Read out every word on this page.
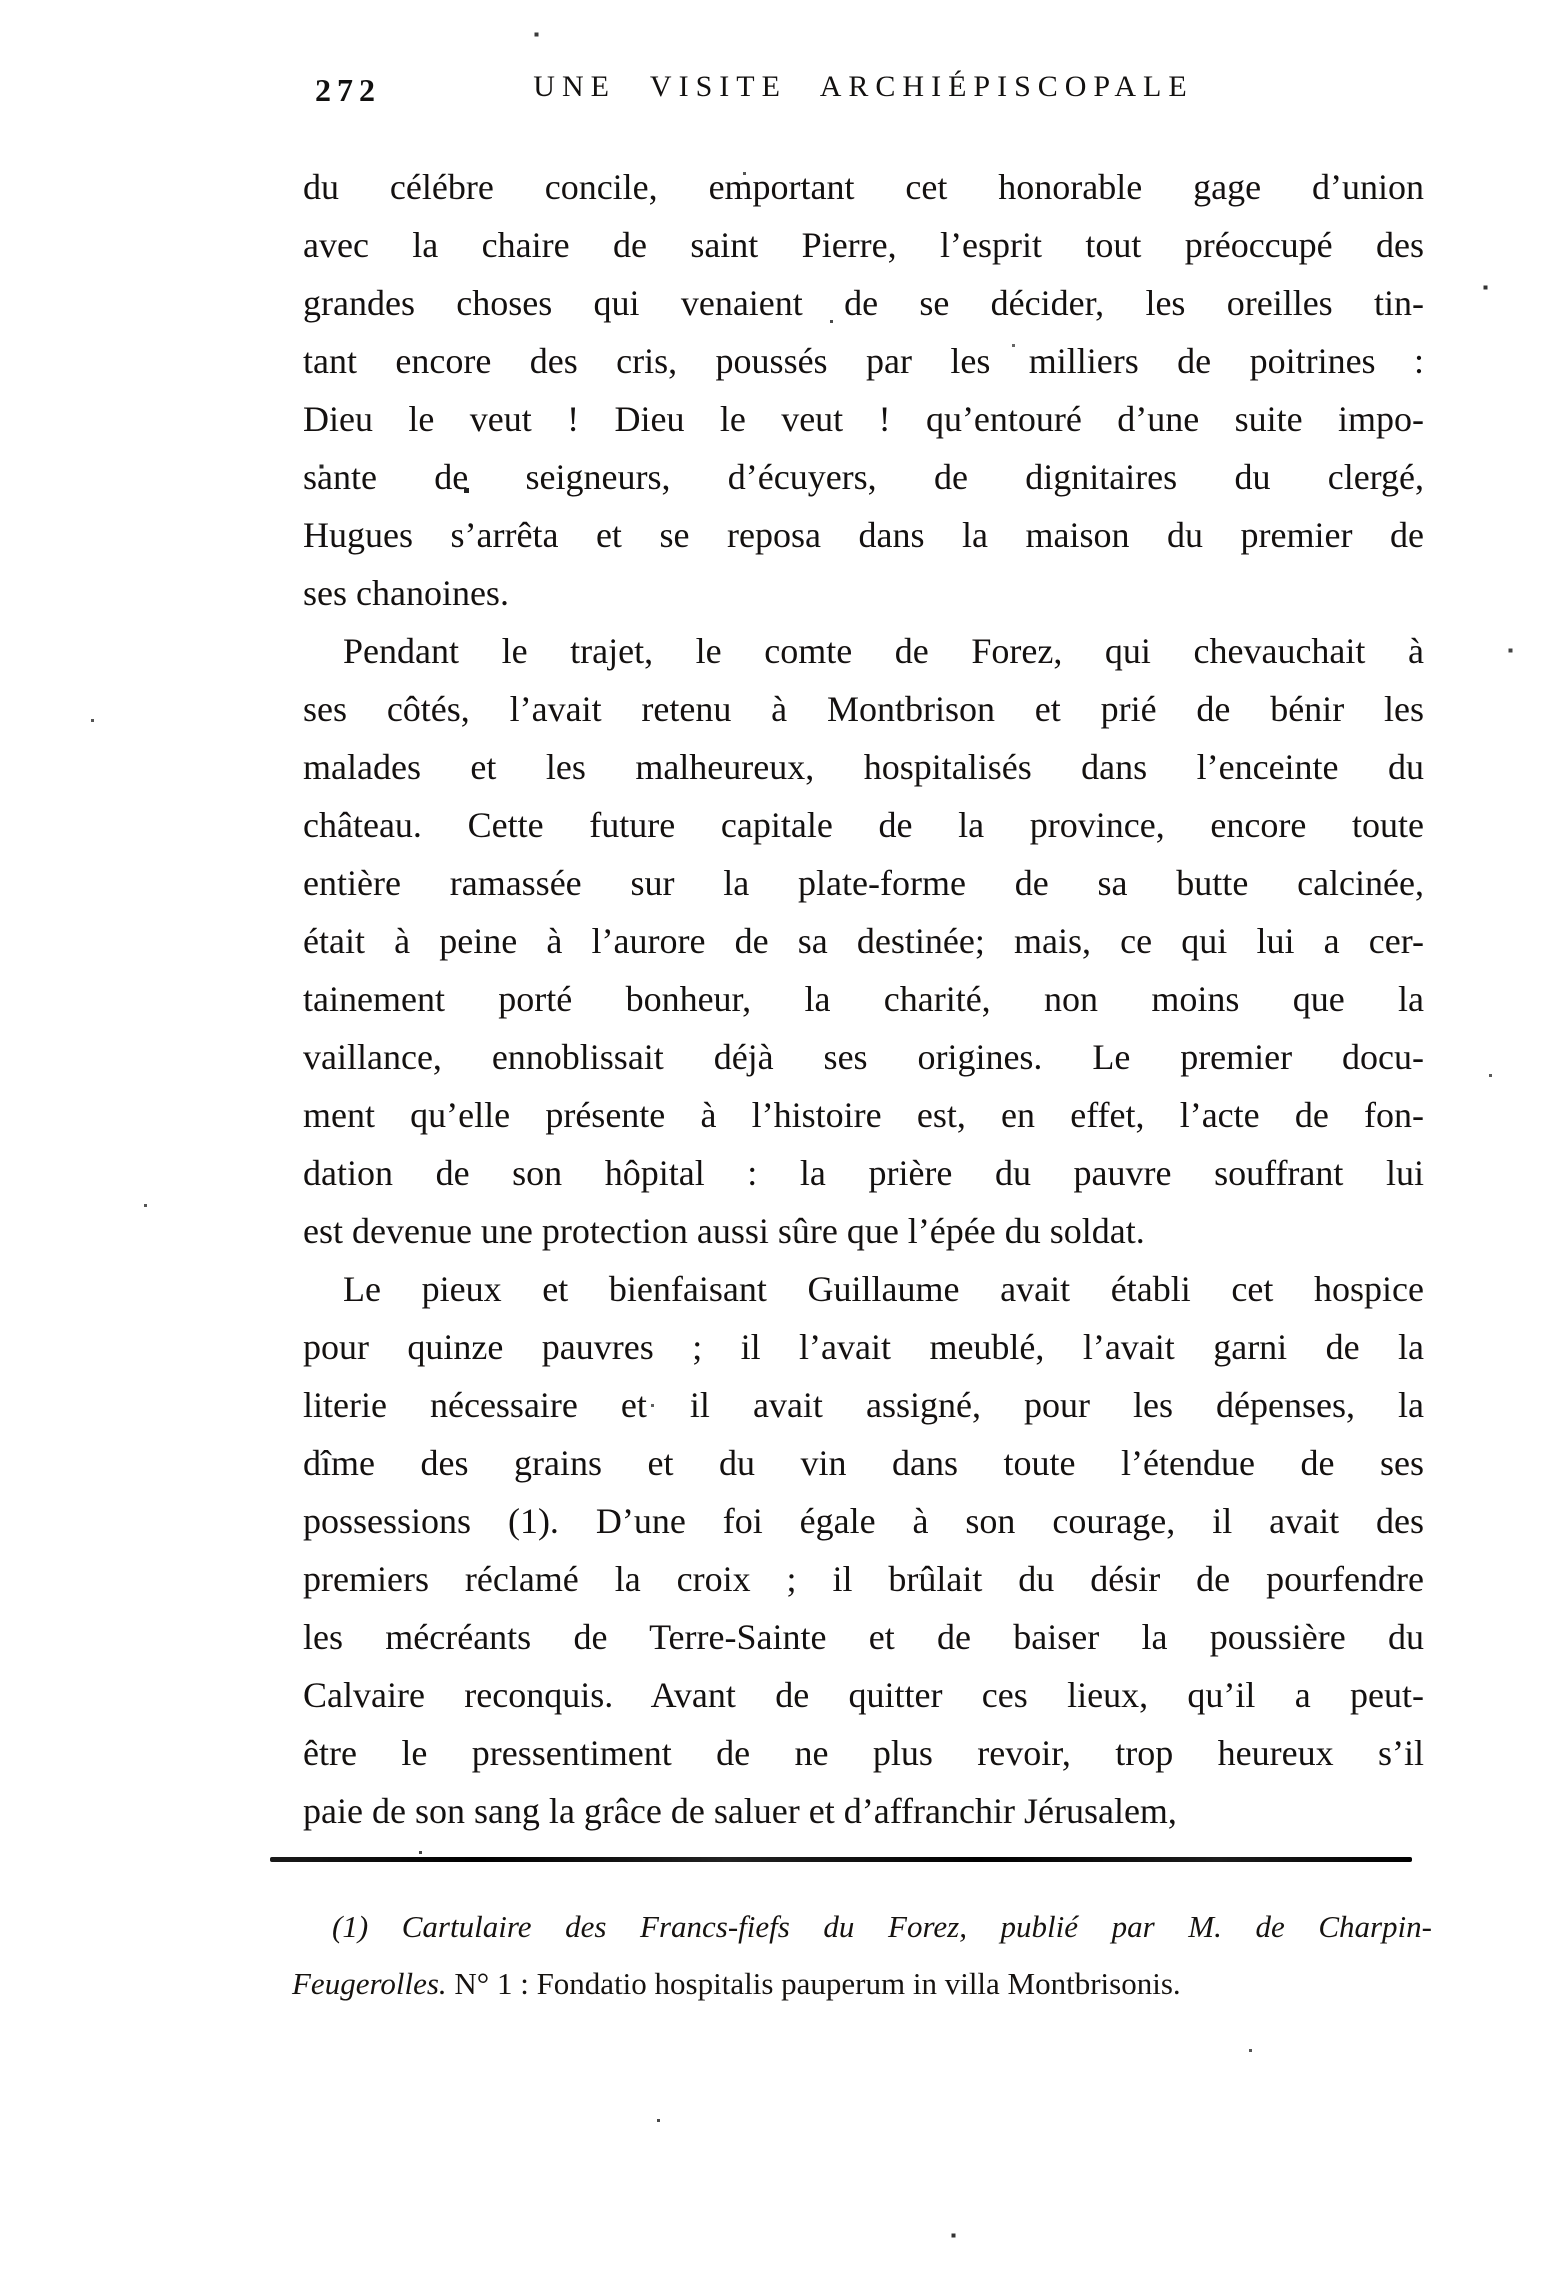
272	UNE VISITE ARCHIÉPISCOPALE
du célébre concile, emportant cet honorable gage d’union
avec la chaire de saint Pierre, l’esprit tout préoccupé des
grandes choses qui venaient de se décider, les oreilles tin-
tant encore des cris, poussés par les milliers de poitrines :
Dieu le veut ! Dieu le veut ! qu’entouré d’une suite impo-
sante de seigneurs, d’écuyers, de dignitaires du clergé,
Hugues s’arrêta et se reposa dans la maison du premier de
ses chanoines.
Pendant le trajet, le comte de Forez, qui chevauchait à
ses côtés, l’avait retenu à Montbrison et prié de bénir les
malades et les malheureux, hospitalisés dans l’enceinte du
château. Cette future capitale de la province, encore toute
entière ramassée sur la plate-forme de sa butte calcinée,
était à peine à l’aurore de sa destinée; mais, ce qui lui a cer-
tainement porté bonheur, la charité, non moins que la
vaillance, ennoblissait déjà ses origines. Le premier docu-
ment qu’elle présente à l’histoire est, en effet, l’acte de fon-
dation de son hôpital : la prière du pauvre souffrant lui
est devenue une protection aussi sûre que l’épée du soldat.
Le pieux et bienfaisant Guillaume avait établi cet hospice
pour quinze pauvres ; il l’avait meublé, l’avait garni de la
literie nécessaire et il avait assigné, pour les dépenses, la
dîme des grains et du vin dans toute l’étendue de ses
possessions (1). D’une foi égale à son courage, il avait des
premiers réclamé la croix ; il brûlait du désir de pourfendre
les mécréants de Terre-Sainte et de baiser la poussière du
Calvaire reconquis. Avant de quitter ces lieux, qu’il a peut-
être le pressentiment de ne plus revoir, trop heureux s’il
paie de son sang la grâce de saluer et d’affranchir Jérusalem,
(1) Cartulaire des Francs-fiefs du Forez, publié par M. de Charpin-
Feugerolles. N° 1 : Fondatio hospitalis pauperum in villa Montbrisonis.
